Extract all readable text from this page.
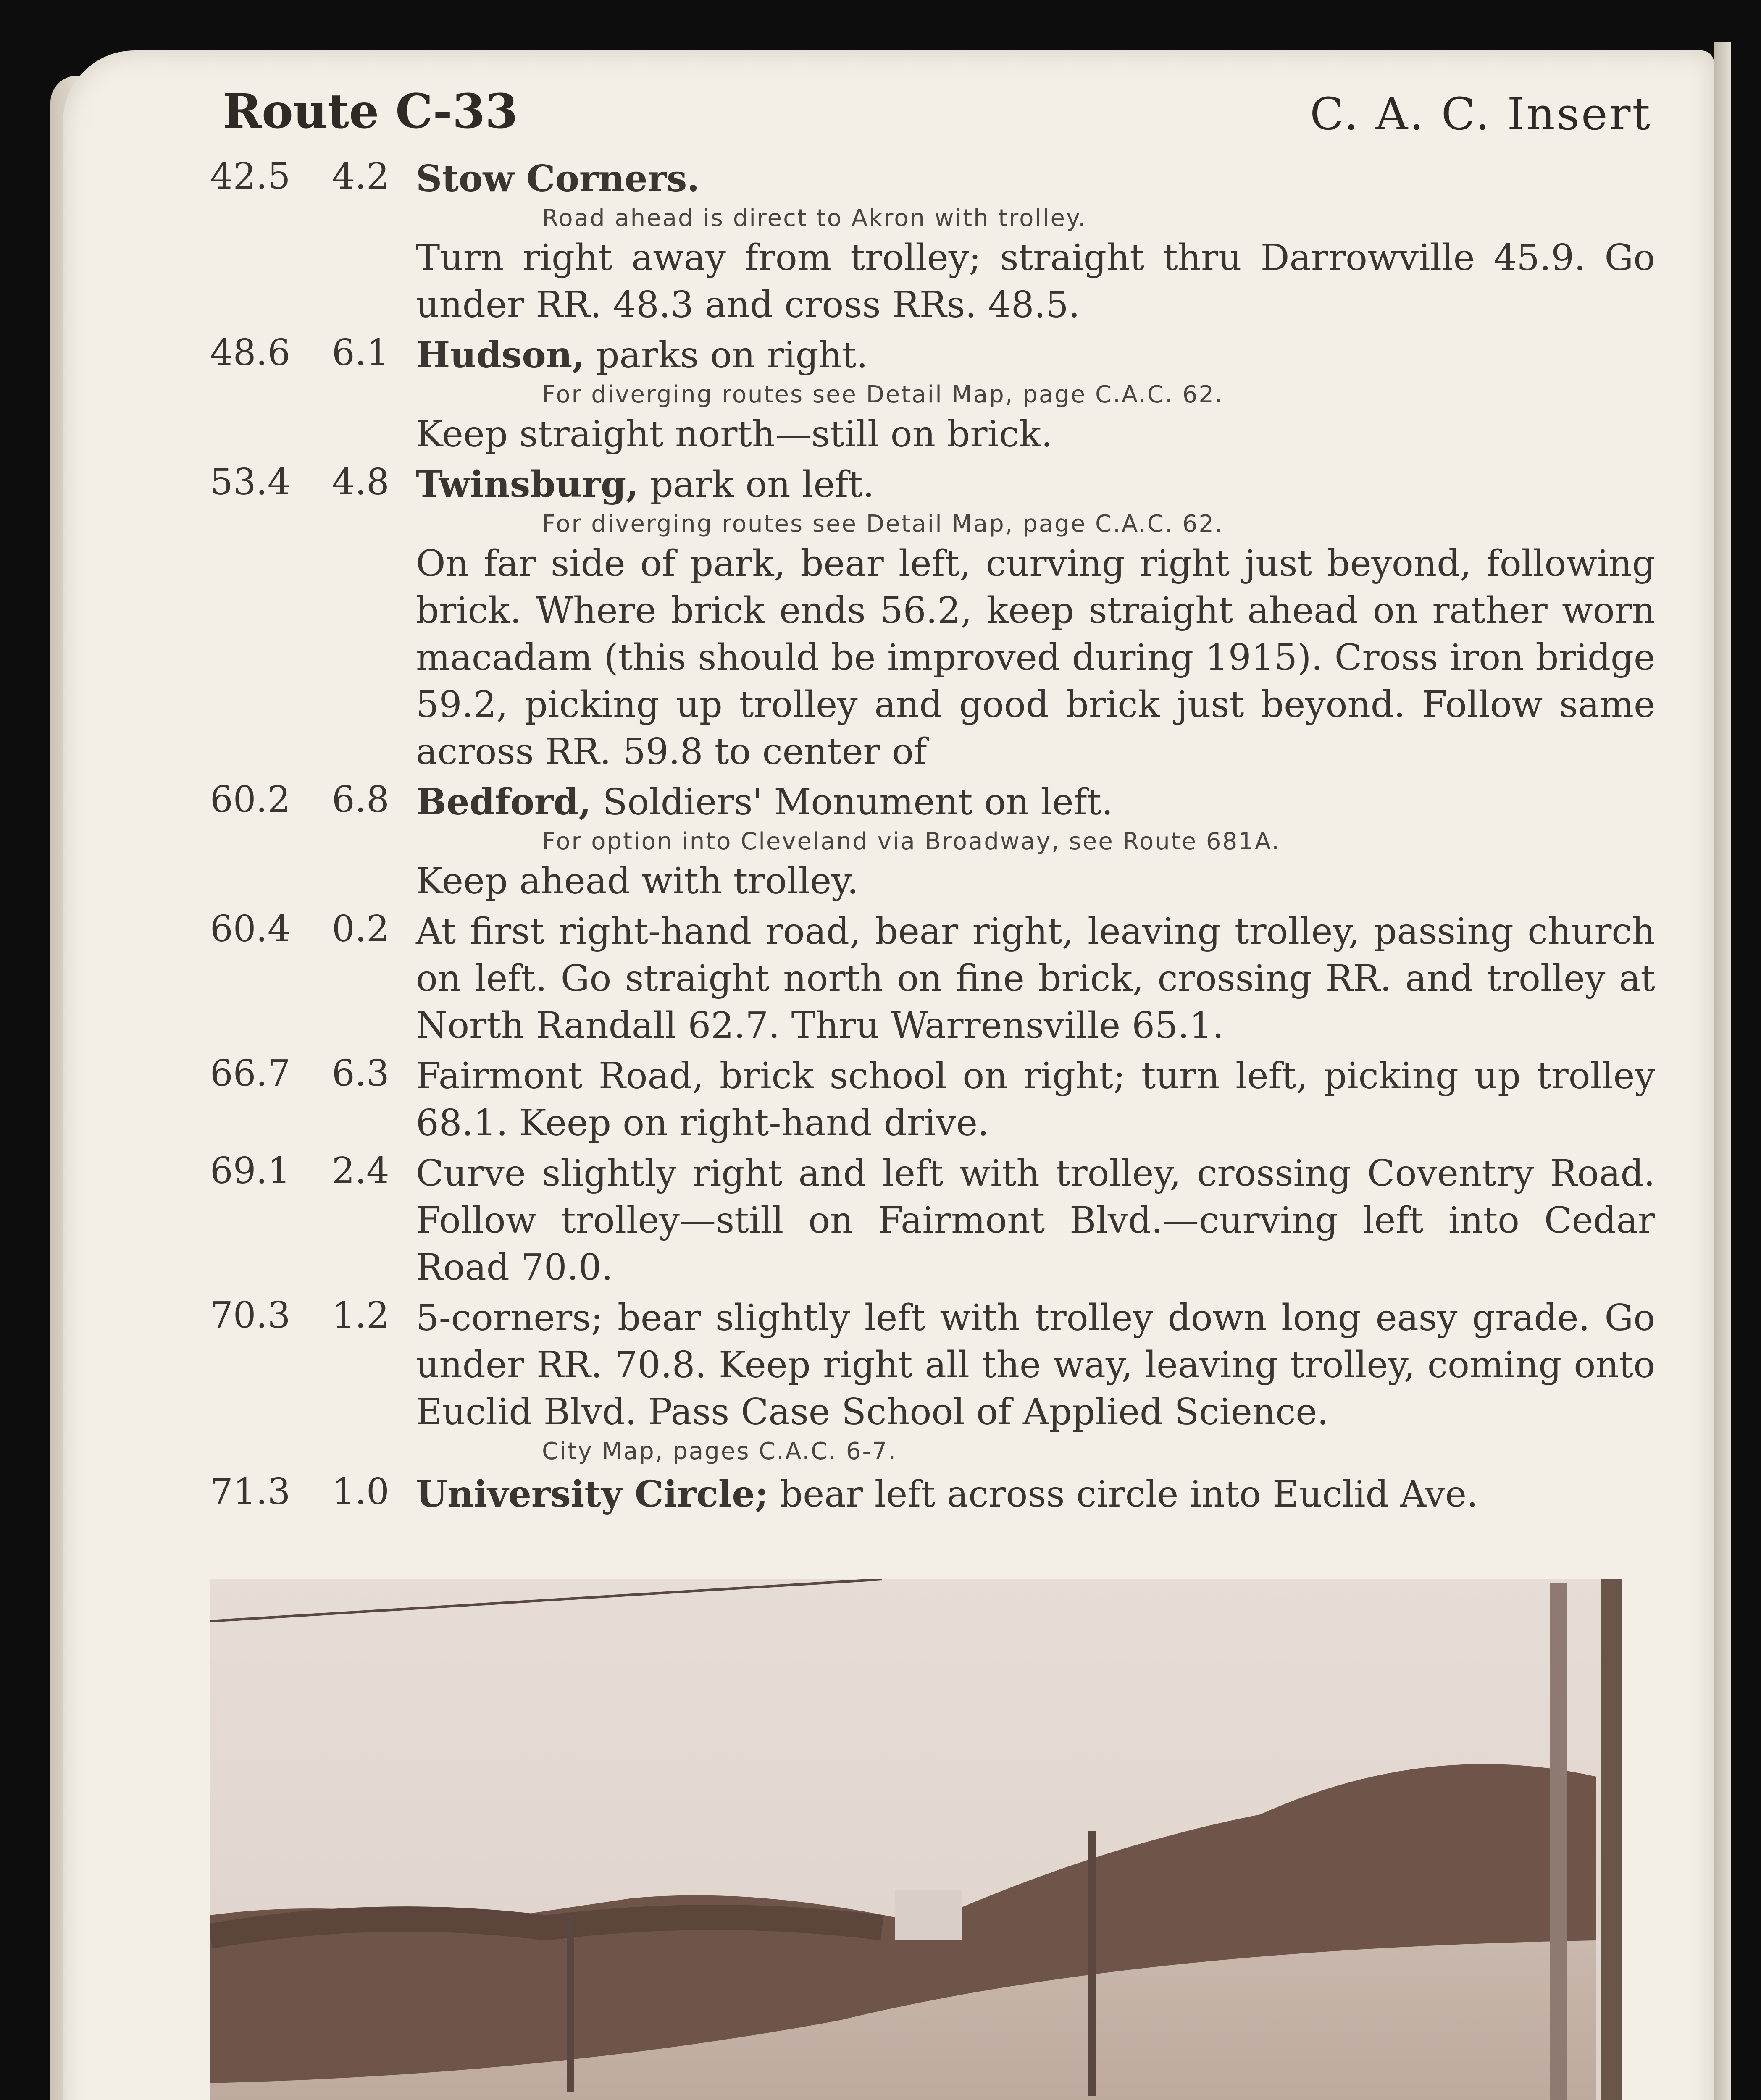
Route C-33	C. A. C. Insert
42.5 4.2 Stow Corners.
Road ahead is direct to Akron with trolley.
Turn right away from trolley; straight thru Darrowville 45.9. Go under RR. 48.3 and cross RRs. 48.5.
48.6 6.1 Hudson, parks on right.
For diverging routes see Detail Map, page C.A.C. 62.
Keep straight north—still on brick.
53.4 4.8 Twinsburg, park on left.
For diverging routes see Detail Map, page C.A.C. 62.
On far side of park, bear left, curving right just beyond, following brick. Where brick ends 56.2, keep straight ahead on rather worn macadam (this should be improved during 1915). Cross iron bridge 59.2, picking up trolley and good brick just beyond. Follow same across RR. 59.8 to center of
60.2 6.8 Bedford, Soldiers' Monument on left.
For option into Cleveland via Broadway, see Route 681A.
Keep ahead with trolley.
60.4 0.2 At first right-hand road, bear right, leaving trolley, passing church on left. Go straight north on fine brick, crossing RR. and trolley at North Randall 62.7. Thru Warrensville 65.1.
66.7 6.3 Fairmont Road, brick school on right; turn left, picking up trolley 68.1. Keep on right-hand drive.
69.1 2.4 Curve slightly right and left with trolley, crossing Coventry Road. Follow trolley—still on Fairmont Blvd.—curving left into Cedar Road 70.0.
70.3 1.2 5-corners; bear slightly left with trolley down long easy grade. Go under RR. 70.8. Keep right all the way, leaving trolley, coming onto Euclid Blvd. Pass Case School of Applied Science.
City Map, pages C.A.C. 6-7.
71.3 1.0 University Circle; bear left across circle into Euclid Ave.
